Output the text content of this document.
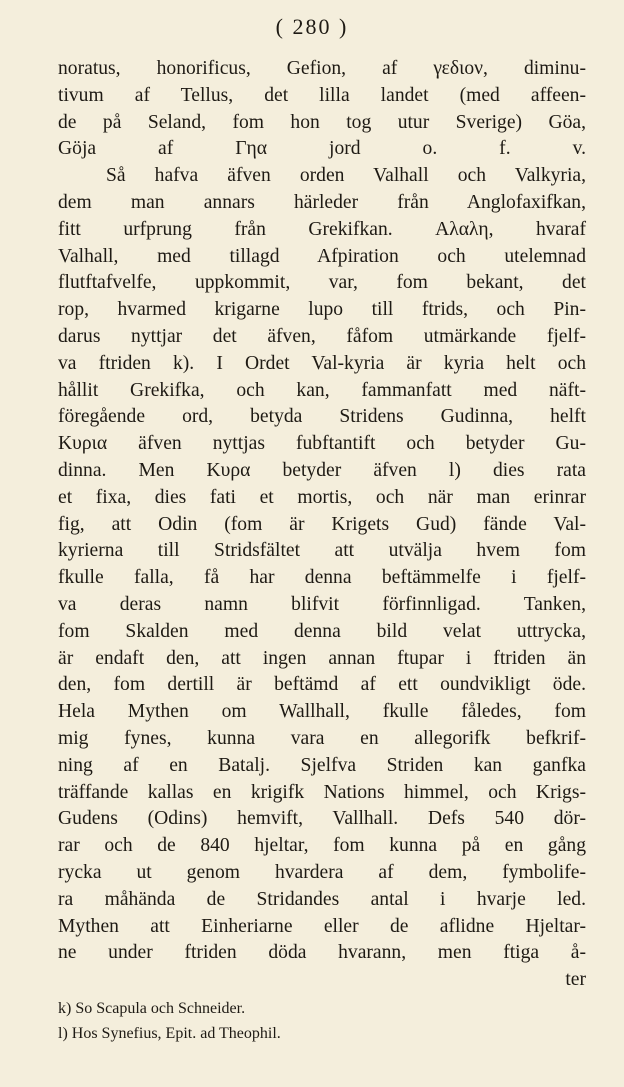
( 280 )
noratus, honorificus, Gefion, af γεδιον, diminu-
tivum af Tellus, det lilla landet (med affeen-
de på Seland, fom hon tog utur Sverige) Göa,
Göja af Γηα jord o. f. v.
Så hafva äfven orden Valhall och Valkyria,
dem man annars härleder från Anglofaxifkan,
fitt urfprung från Grekifkan. Αλαλη, hvaraf
Valhall, med tillagd Afpiration och utelemnad
flutftafvelfe, uppkommit, var, fom bekant, det
rop, hvarmed krigarne lupo till ftrids, och Pin-
darus nyttjar det äfven, fåfom utmärkande fjelf-
va ftriden k). I Ordet Val-kyria är kyria helt och
hållit Grekifka, och kan, fammanfatt med näft-
föregående ord, betyda Stridens Gudinna, helft
Κυρια äfven nyttjas fubftantift och betyder Gu-
dinna. Men Κυρα betyder äfven l) dies rata
et fixa, dies fati et mortis, och när man erinrar
fig, att Odin (fom är Krigets Gud) fände Val-
kyrierna till Stridsfältet att utvälja hvem fom
fkulle falla, få har denna beftämmelfe i fjelf-
va deras namn blifvit förfinnligad. Tanken,
fom Skalden med denna bild velat uttrycka,
är endaft den, att ingen annan ftupar i ftriden än
den, fom dertill är beftämd af ett oundvikligt öde.
Hela Mythen om Wallhall, fkulle fåledes, fom
mig fynes, kunna vara en allegorifk befkrif-
ning af en Batalj. Sjelfva Striden kan ganfka
träffande kallas en krigifk Nations himmel, och Krigs-
Gudens (Odins) hemvift, Vallhall. Defs 540 dör-
rar och de 840 hjeltar, fom kunna på en gång
rycka ut genom hvardera af dem, fymbolife-
ra måhända de Stridandes antal i hvarje led.
Mythen att Einheriarne eller de aflidne Hjeltar-
ne under ftriden döda hvarann, men ftiga å-
ter
k) So Scapula och Schneider.
l) Hos Synefius, Epit. ad Theophil.
